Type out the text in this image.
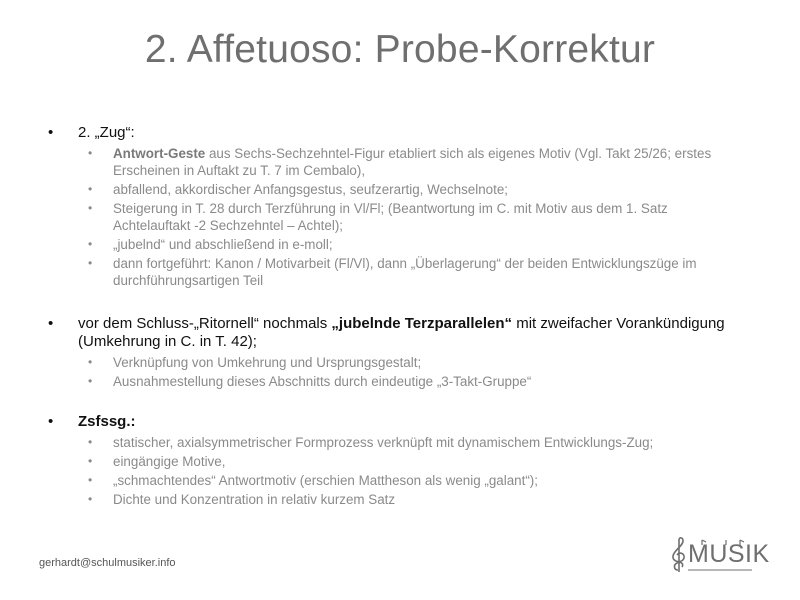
2. Affetuoso: Probe-Korrektur
• 2. „Zug“:
• Antwort-Geste aus Sechs-Sechzehntel-Figur etabliert sich als eigenes Motiv (Vgl. Takt 25/26; erstes Erscheinen in Auftakt zu T. 7 im Cembalo),
• abfallend, akkordischer Anfangsgestus, seufzerartig, Wechselnote;
• Steigerung in T. 28 durch Terzführung in Vl/Fl; (Beantwortung im C. mit Motiv aus dem 1. Satz Achtelauftakt -2 Sechzehntel – Achtel);
• „jubelnd“ und abschließend in e-moll;
• dann fortgeführt: Kanon / Motivarbeit (Fl/Vl), dann „Überlagerung“ der beiden Entwicklungszüge im durchführungsartigen Teil
• vor dem Schluss-„Ritornell“ nochmals „jubelnde Terzparallelen“ mit zweifacher Vorankündigung (Umkehrung in C. in T. 42);
• Verknüpfung von Umkehrung und Ursprungsgestalt;
• Ausnahmestellung dieses Abschnitts durch eindeutige „3-Takt-Gruppe“
• Zsfssg.:
• statischer, axialsymmetrischer Formprozess verknüpft mit dynamischem Entwicklungs-Zug;
• eingängige Motive,
• „schmachtendes“ Antwortmotiv (erschien Mattheson als wenig „galant“);
• Dichte und Konzentration in relativ kurzem Satz
gerhardt@schulmusiker.info	MUSIK
